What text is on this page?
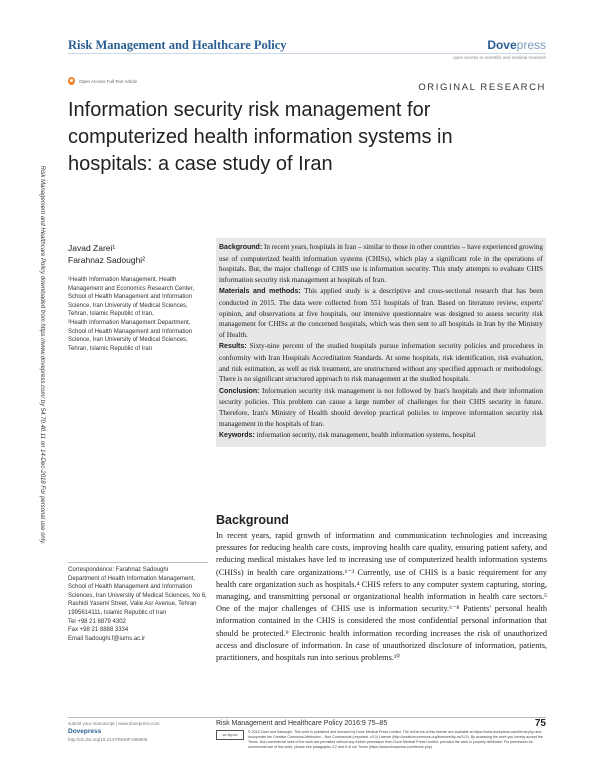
Risk Management and Healthcare Policy	Dovepress
open access to scientific and medical research
Open Access Full Text Article
ORIGINAL RESEARCH
Information security risk management for computerized health information systems in hospitals: a case study of Iran
Risk Management and Healthcare Policy downloaded from https://www.dovepress.com/ by 54.70.40.11 on 14-Dec-2018 For personal use only.	Javad Zarei¹
Farahnaz Sadoughi²

¹Health Information Management, Health Management and Economics Research Center, School of Health Management and Information Science, Iran University of Medical Sciences, Tehran, Islamic Republic of Iran,

²Health Information Management Department, School of Health Management and Information Science, Iran University of Medical Sciences, Tehran, Islamic Republic of Iran

Background: In recent years, hospitals in Iran – similar to those in other countries – have experienced growing use of computerized health information systems (CHISs), which play a significant role in the operations of hospitals. But, the major challenge of CHIS use is information security. This study attempts to evaluate CHIS information security risk management at hospitals of Iran.

Materials and methods: This applied study is a descriptive and cross-sectional research that has been conducted in 2015. The data were collected from 551 hospitals of Iran. Based on literature review, experts' opinion, and observations at five hospitals, our intensive questionnaire was designed to assess security risk management for CHISs at the concerned hospitals, which was then sent to all hospitals in Iran by the Ministry of Health.

Results: Sixty-nine percent of the studied hospitals pursue information security policies and procedures in conformity with Iran Hospitals Accreditation Standards. At some hospitals, risk identification, risk evaluation, and risk estimation, as well as risk treatment, are unstructured without any specified approach or methodology. There is no significant structured approach to risk management at the studied hospitals.

Conclusion: Information security risk management is not followed by Iran's hospitals and their information security policies. This problem can cause a large number of challenges for their CHIS security in future. Therefore, Iran's Ministry of Health should develop practical policies to improve information security risk management in the hospitals of Iran.

Keywords: information security, risk management, health information systems, hospital

Background
In recent years, rapid growth of information and communication technologies and increasing pressures for reducing health care costs, improving health care quality, ensuring patient safety, and reducing medical mistakes have led to increasing use of computerized health information systems (CHISs) in health care organizations.¹⁻³ Currently, use of CHIS is a basic requirement for any health care organization such as hospitals.⁴ CHIS refers to any computer system capturing, storing, managing, and transmitting personal or organizational health information in health care sectors.⁵ One of the major challenges of CHIS use is information security.⁶⁻⁸ Patients' personal health information contained in the CHIS is considered the most confidential personal information that should be protected.⁹ Electronic health information recording increases the risk of unauthorized access and disclosure of information. In case of unauthorized disclosure of information, patients, practitioners, and hospitals run into serious problems.¹⁰
Correspondence: Farahnaz Sadoughi
Department of Health Information Management, School of Health Management and Information Sciences, Iran University of Medical Sciences, No 6, Rashidi Yasemi Street, Valie Asr Avenue, Tehran 1995614111, Islamic Republic of Iran
Tel +98 21 8879 4302
Fax +98 21 8888 3334
Email Sadoughi.f@iums.ac.ir
submit your manuscript | www.dovepress.com
Dovepress
http://dx.doi.org/10.2147/RMHP.S99908
Risk Management and Healthcare Policy 2016:9 75–85	75
cc by-nc	© 2016 Zarei and Sadoughi. This work is published and licensed by Dove Medical Press Limited. The full terms of this license are available at https://www.dovepress.com/terms.php and incorporate the Creative Commons Attribution – Non Commercial (unported, v3.0) License (http://creativecommons.org/licenses/by-nc/3.0/). By accessing the work you hereby accept the Terms. Non-commercial uses of the work are permitted without any further permission from Dove Medical Press Limited, provided the work is properly attributed. For permission for commercial use of this work, please see paragraphs 4.2 and 5 of our Terms (https://www.dovepress.com/terms.php).
